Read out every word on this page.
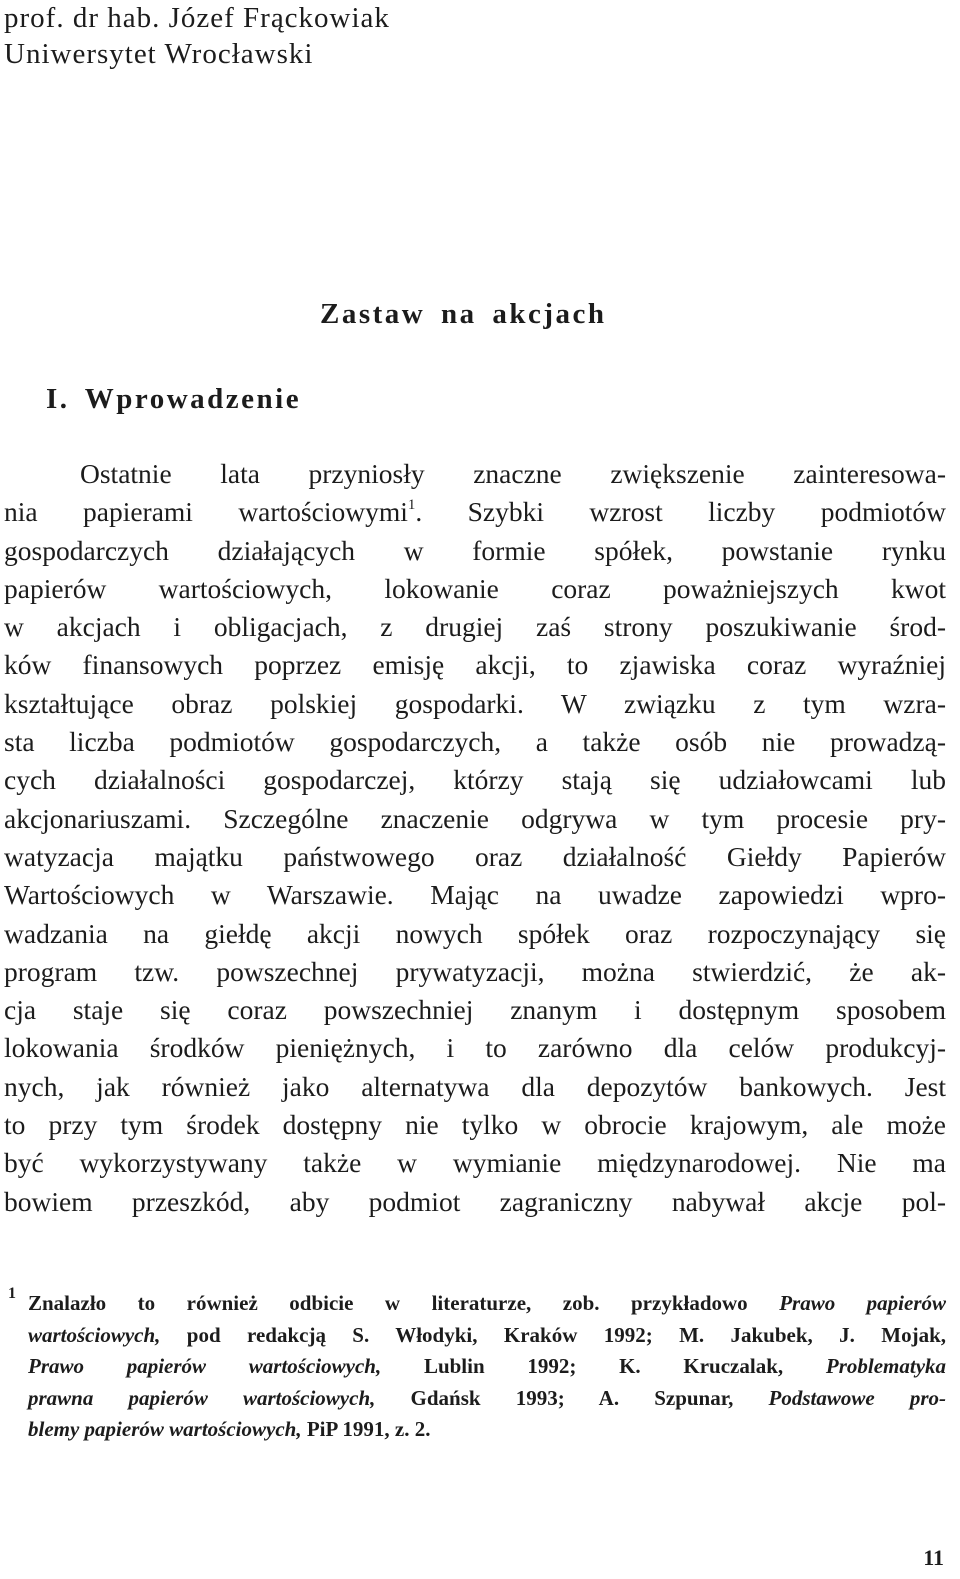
prof. dr hab. Józef Frąckowiak
Uniwersytet Wrocławski
Zastaw na akcjach
I. Wprowadzenie
Ostatnie lata przyniosły znaczne zwiększenie zainteresowa-
nia papierami wartościowymi$^1$. Szybki wzrost liczby podmiotów
gospodarczych działających w formie spółek, powstanie rynku
papierów wartościowych, lokowanie coraz poważniejszych kwot
w akcjach i obligacjach, z drugiej zaś strony poszukiwanie środ-
ków finansowych poprzez emisję akcji, to zjawiska coraz wyraźniej
kształtujące obraz polskiej gospodarki. W związku z tym wzra-
sta liczba podmiotów gospodarczych, a także osób nie prowadzą-
cych działalności gospodarczej, którzy stają się udziałowcami lub
akcjonariuszami. Szczególne znaczenie odgrywa w tym procesie pry-
watyzacja majątku państwowego oraz działalność Giełdy Papierów
Wartościowych w Warszawie. Mając na uwadze zapowiedzi wpro-
wadzania na giełdę akcji nowych spółek oraz rozpoczynający się
program tzw. powszechnej prywatyzacji, można stwierdzić, że ak-
cja staje się coraz powszechniej znanym i dostępnym sposobem
lokowania środków pieniężnych, i to zarówno dla celów produkcyj-
nych, jak również jako alternatywa dla depozytów bankowych. Jest
to przy tym środek dostępny nie tylko w obrocie krajowym, ale może
być wykorzystywany także w wymianie międzynarodowej. Nie ma
bowiem przeszkód, aby podmiot zagraniczny nabywał akcje pol-
1 Znalazło to również odbicie w literaturze, zob. przykładowo Prawo papierów
wartościowych, pod redakcją S. Włodyki, Kraków 1992; M. Jakubek, J. Mojak,
Prawo papierów wartościowych, Lublin 1992; K. Kruczalak, Problematyka
prawna papierów wartościowych, Gdańsk 1993; A. Szpunar, Podstawowe pro-
blemy papierów wartościowych, PiP 1991, z. 2.
11
